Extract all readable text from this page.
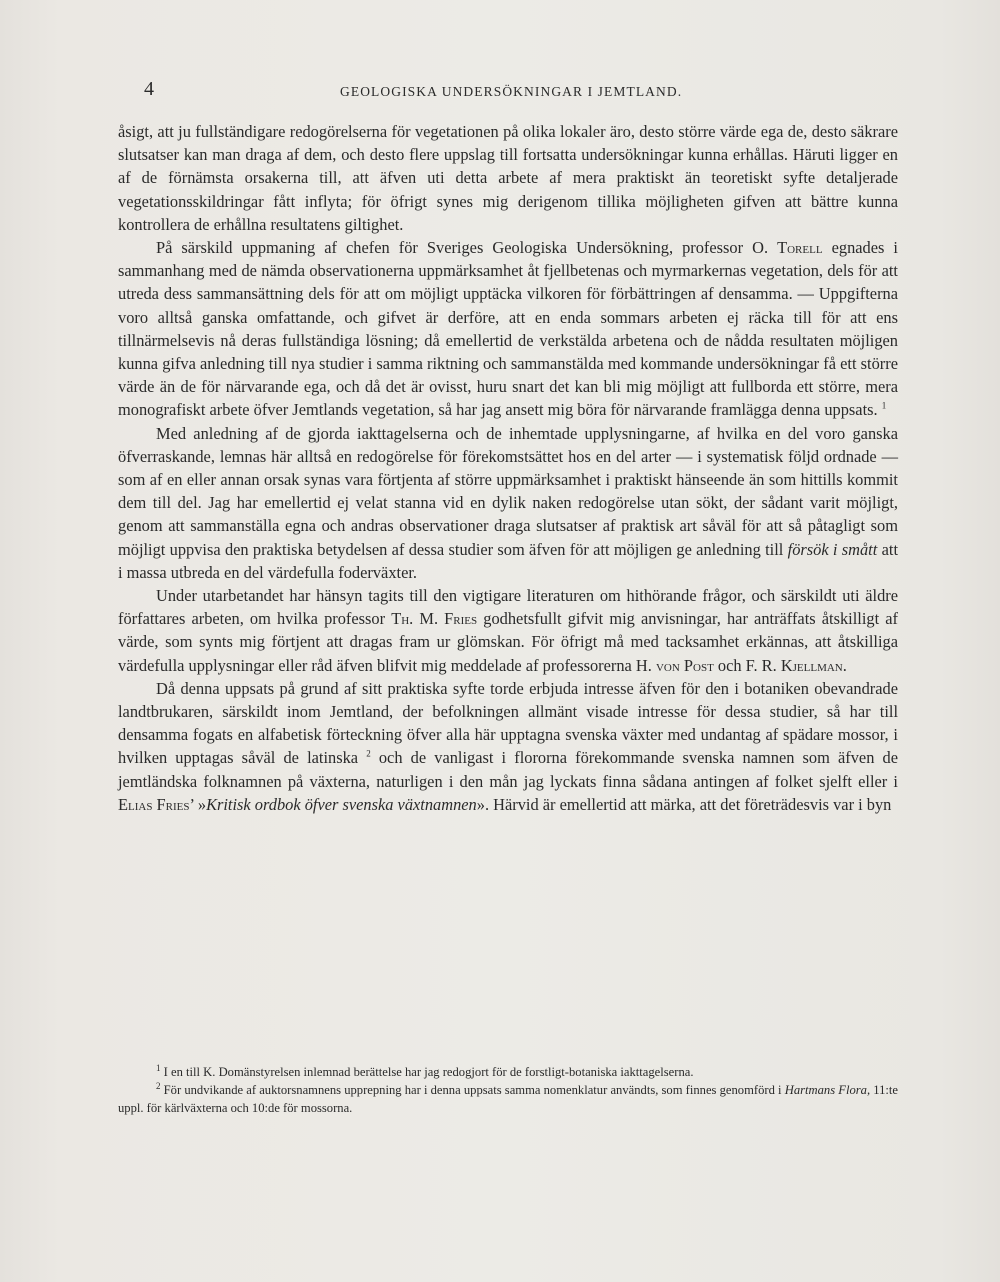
4	GEOLOGISKA UNDERSÖKNINGAR I JEMTLAND.

åsigt, att ju fullständigare redogörelserna för vegetationen på olika lokaler äro, desto större värde ega de, desto säkrare slutsatser kan man draga af dem, och desto flere uppslag till fortsatta undersökningar kunna erhållas. Häruti ligger en af de förnämsta orsakerna till, att äfven uti detta arbete af mera praktiskt än teoretiskt syfte detaljerade vegetationsskildringar fått inflyta; för öfrigt synes mig derigenom tillika möjligheten gifven att bättre kunna kontrollera de erhållna resultatens giltighet.

På särskild uppmaning af chefen för Sveriges Geologiska Undersökning, professor O. Torell egnades i sammanhang med de nämda observationerna uppmärksamhet åt fjellbetenas och myrmarkernas vegetation, dels för att utreda dess sammansättning dels för att om möjligt upptäcka vilkoren för förbättringen af densamma. — Uppgifterna voro alltså ganska omfattande, och gifvet är derföre, att en enda sommars arbeten ej räcka till för att ens tillnärmelsevis nå deras fullständiga lösning; då emellertid de verkstälda arbetena och de nådda resultaten möjligen kunna gifva anledning till nya studier i samma riktning och sammanstälda med kommande undersökningar få ett större värde än de för närvarande ega, och då det är ovisst, huru snart det kan bli mig möjligt att fullborda ett större, mera monografiskt arbete öfver Jemtlands vegetation, så har jag ansett mig böra för närvarande framlägga denna uppsats. $^1$

Med anledning af de gjorda iakttagelserna och de inhemtade upplysningarne, af hvilka en del voro ganska öfverraskande, lemnas här alltså en redogörelse för förekomstsättet hos en del arter — i systematisk följd ordnade — som af en eller annan orsak synas vara förtjenta af större uppmärksamhet i praktiskt hänseende än som hittills kommit dem till del. Jag har emellertid ej velat stanna vid en dylik naken redogörelse utan sökt, der sådant varit möjligt, genom att sammanställa egna och andras observationer draga slutsatser af praktisk art såväl för att så påtagligt som möjligt uppvisa den praktiska betydelsen af dessa studier som äfven för att möjligen ge anledning till försök i smått att i massa utbreda en del värdefulla foderväxter.

Under utarbetandet har hänsyn tagits till den vigtigare literaturen om hithörande frågor, och särskildt uti äldre författares arbeten, om hvilka professor Th. M. Fries godhetsfullt gifvit mig anvisningar, har anträffats åtskilligt af värde, som synts mig förtjent att dragas fram ur glömskan. För öfrigt må med tacksamhet erkännas, att åtskilliga värdefulla upplysningar eller råd äfven blifvit mig meddelade af professorerna H. von Post och F. R. Kjellman.

Då denna uppsats på grund af sitt praktiska syfte torde erbjuda intresse äfven för den i botaniken obevandrade landtbrukaren, särskildt inom Jemtland, der befolkningen allmänt visade intresse för dessa studier, så har till densamma fogats en alfabetisk förteckning öfver alla här upptagna svenska växter med undantag af spädare mossor, i hvilken upptagas såväl de latinska $^2$ och de vanligast i flororna förekommande svenska namnen som äfven de jemtländska folknamnen på växterna, naturligen i den mån jag lyckats finna sådana antingen af folket sjelft eller i Elias Fries’ »Kritisk ordbok öfver svenska växtnamnen». Härvid är emellertid att märka, att det företrädesvis var i byn

$^1$ I en till K. Domänstyrelsen inlemnad berättelse har jag redogjort för de forstligt-botaniska iakttagelserna.

$^2$ För undvikande af auktorsnamnens upprepning har i denna uppsats samma nomenklatur användts, som finnes genomförd i Hartmans Flora, 11:te uppl. för kärlväxterna och 10:de för mossorna.
